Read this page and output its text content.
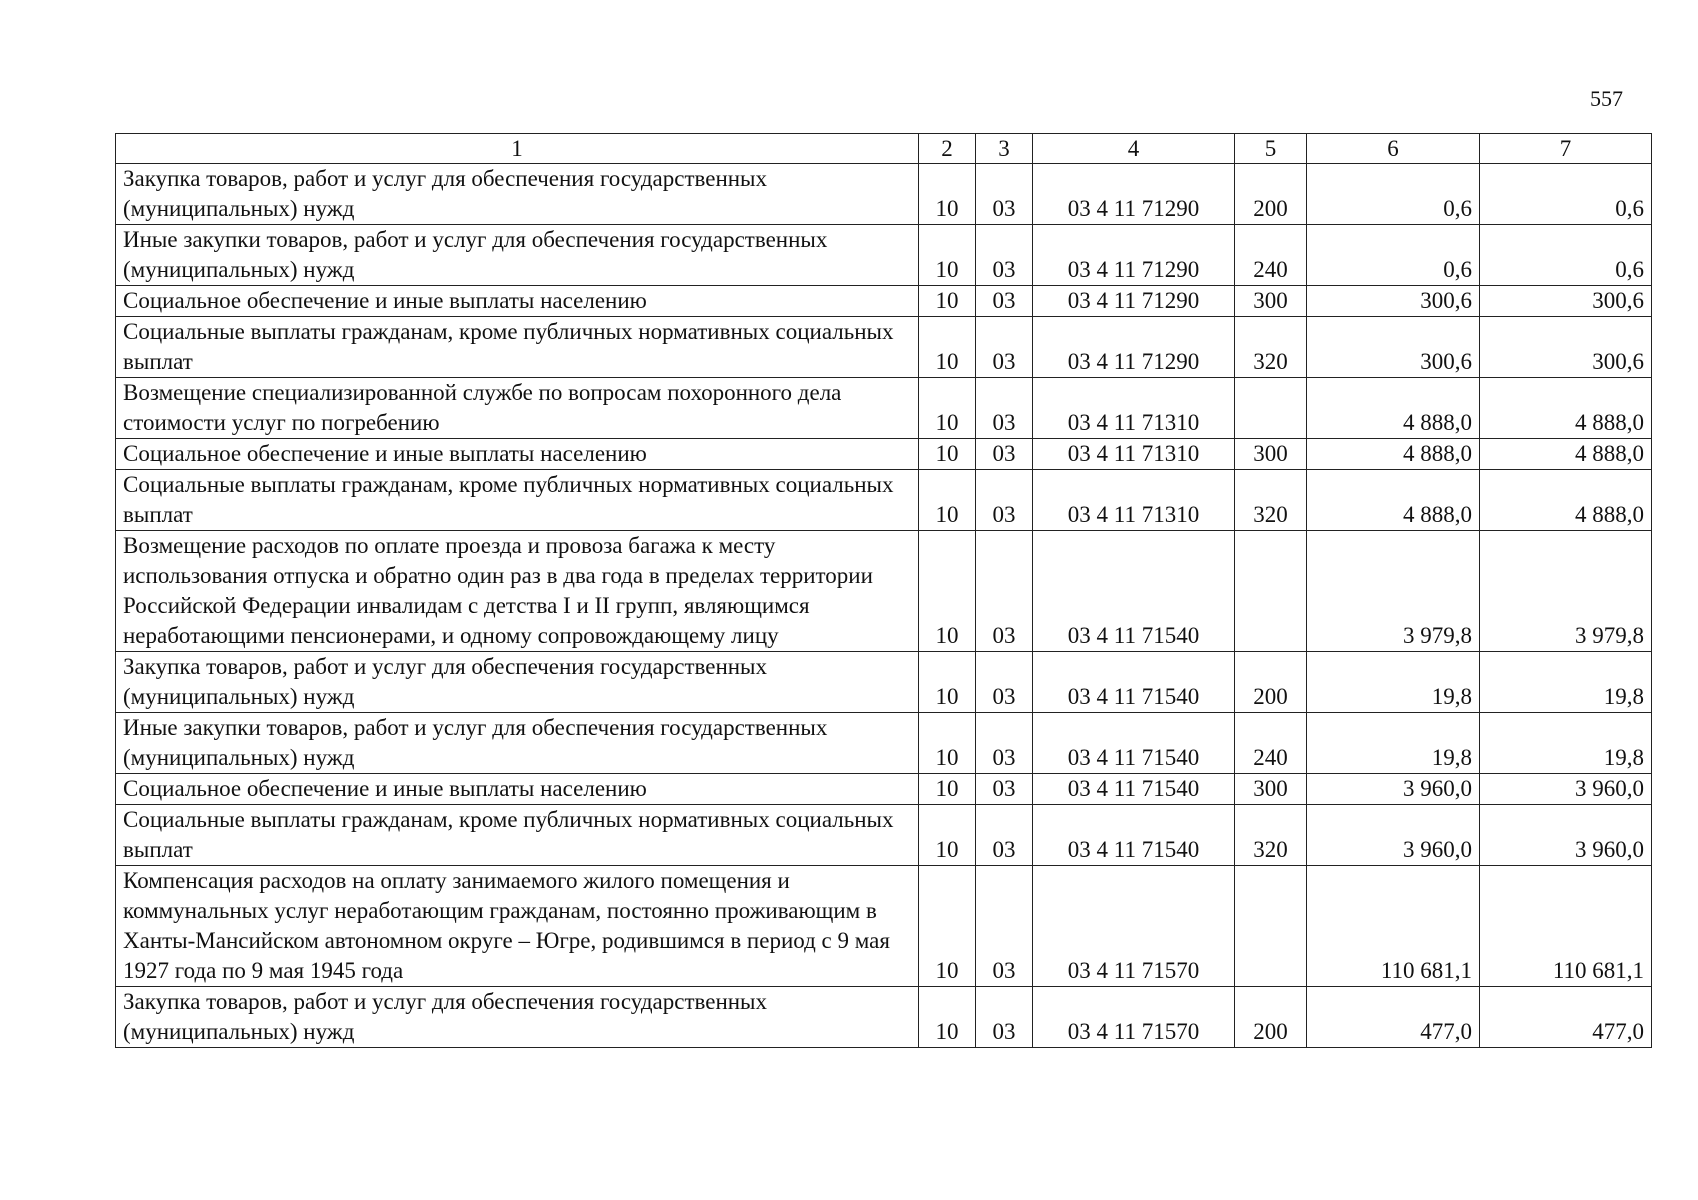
557
1	2	3	4	5	6	7
Закупка товаров, работ и услуг для обеспечения государственных (муниципальных) нужд	10	03	03 4 11 71290	200	0,6	0,6
Иные закупки товаров, работ и услуг для обеспечения государственных (муниципальных) нужд	10	03	03 4 11 71290	240	0,6	0,6
Социальное обеспечение и иные выплаты населению	10	03	03 4 11 71290	300	300,6	300,6
Социальные выплаты гражданам, кроме публичных нормативных социальных выплат	10	03	03 4 11 71290	320	300,6	300,6
Возмещение специализированной службе по вопросам похоронного дела стоимости услуг по погребению	10	03	03 4 11 71310		4 888,0	4 888,0
Социальное обеспечение и иные выплаты населению	10	03	03 4 11 71310	300	4 888,0	4 888,0
Социальные выплаты гражданам, кроме публичных нормативных социальных выплат	10	03	03 4 11 71310	320	4 888,0	4 888,0
Возмещение расходов по оплате проезда и провоза багажа к месту использования отпуска и обратно один раз в два года в пределах территории Российской Федерации инвалидам с детства I и II групп, являющимся неработающими пенсионерами, и одному сопровождающему лицу	10	03	03 4 11 71540		3 979,8	3 979,8
Закупка товаров, работ и услуг для обеспечения государственных (муниципальных) нужд	10	03	03 4 11 71540	200	19,8	19,8
Иные закупки товаров, работ и услуг для обеспечения государственных (муниципальных) нужд	10	03	03 4 11 71540	240	19,8	19,8
Социальное обеспечение и иные выплаты населению	10	03	03 4 11 71540	300	3 960,0	3 960,0
Социальные выплаты гражданам, кроме публичных нормативных социальных выплат	10	03	03 4 11 71540	320	3 960,0	3 960,0
Компенсация расходов на оплату занимаемого жилого помещения и коммунальных услуг неработающим гражданам, постоянно проживающим в Ханты-Мансийском автономном округе – Югре, родившимся в период с 9 мая 1927 года по 9 мая 1945 года	10	03	03 4 11 71570		110 681,1	110 681,1
Закупка товаров, работ и услуг для обеспечения государственных (муниципальных) нужд	10	03	03 4 11 71570	200	477,0	477,0
